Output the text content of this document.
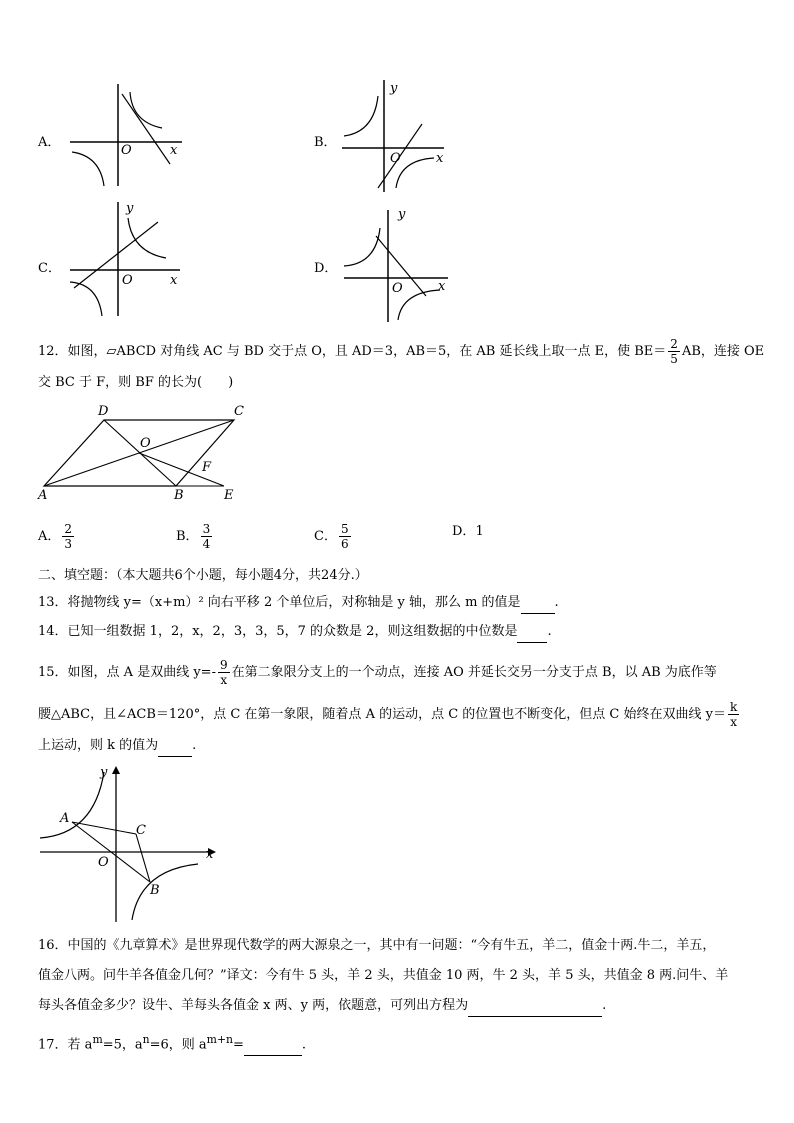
A．
O	x
B．
y
O	x
C．
y
O	x
D．
y
O	x
12．如图，▱ABCD 对角线 AC 与 BD 交于点 O，且 AD＝3，AB＝5，在 AB 延长线上取一点 E，使 $BE= \frac{2}{5}$ AB，连接 OE
交 BC 于 F，则 BF 的长为(　　)
A	B
C
D
E
F
O
A． $\frac{2}{3}$	B． $\frac{3}{4}$	C． $\frac{5}{6}$	D．1
二、填空题：（本大题共6个小题，每小题4分，共24分.）
13．将抛物线 y=（x+m）² 向右平移 2 个单位后，对称轴是 y 轴，那么 m 的值是	.
14．已知一组数据 1，2，x，2，3，3，5，7 的众数是 2，则这组数据的中位数是 .
15．如图，点 A 是双曲线 $y=- \frac{9}{x}$ 在第二象限分支上的一个动点，连接 AO 并延长交另一分支于点 B，以 AB 为底作等
腰△ABC，且∠ACB＝120°，点 C 在第一象限，随着点 A 的运动，点 C 的位置也不断变化，但点 C 始终在双曲线 $y= \frac{k}{x}$
上运动，则 k 的值为	.
A
B
C
O
x
y
16．中国的《九章算术》是世界现代数学的两大源泉之一，其中有一问题：“今有牛五，羊二，值金十两.牛二，羊五，
值金八两。问牛羊各值金几何？”译文：今有牛 5 头，羊 2 头，共值金 10 两，牛 2 头，羊 5 头，共值金 8 两.问牛、羊
每头各值金多少？设牛、羊每头各值金 x 两、y 两，依题意，可列出方程为	.
17．若 $a^m=5$，$a^n=6$，则 $a^{m+n}=$	.
